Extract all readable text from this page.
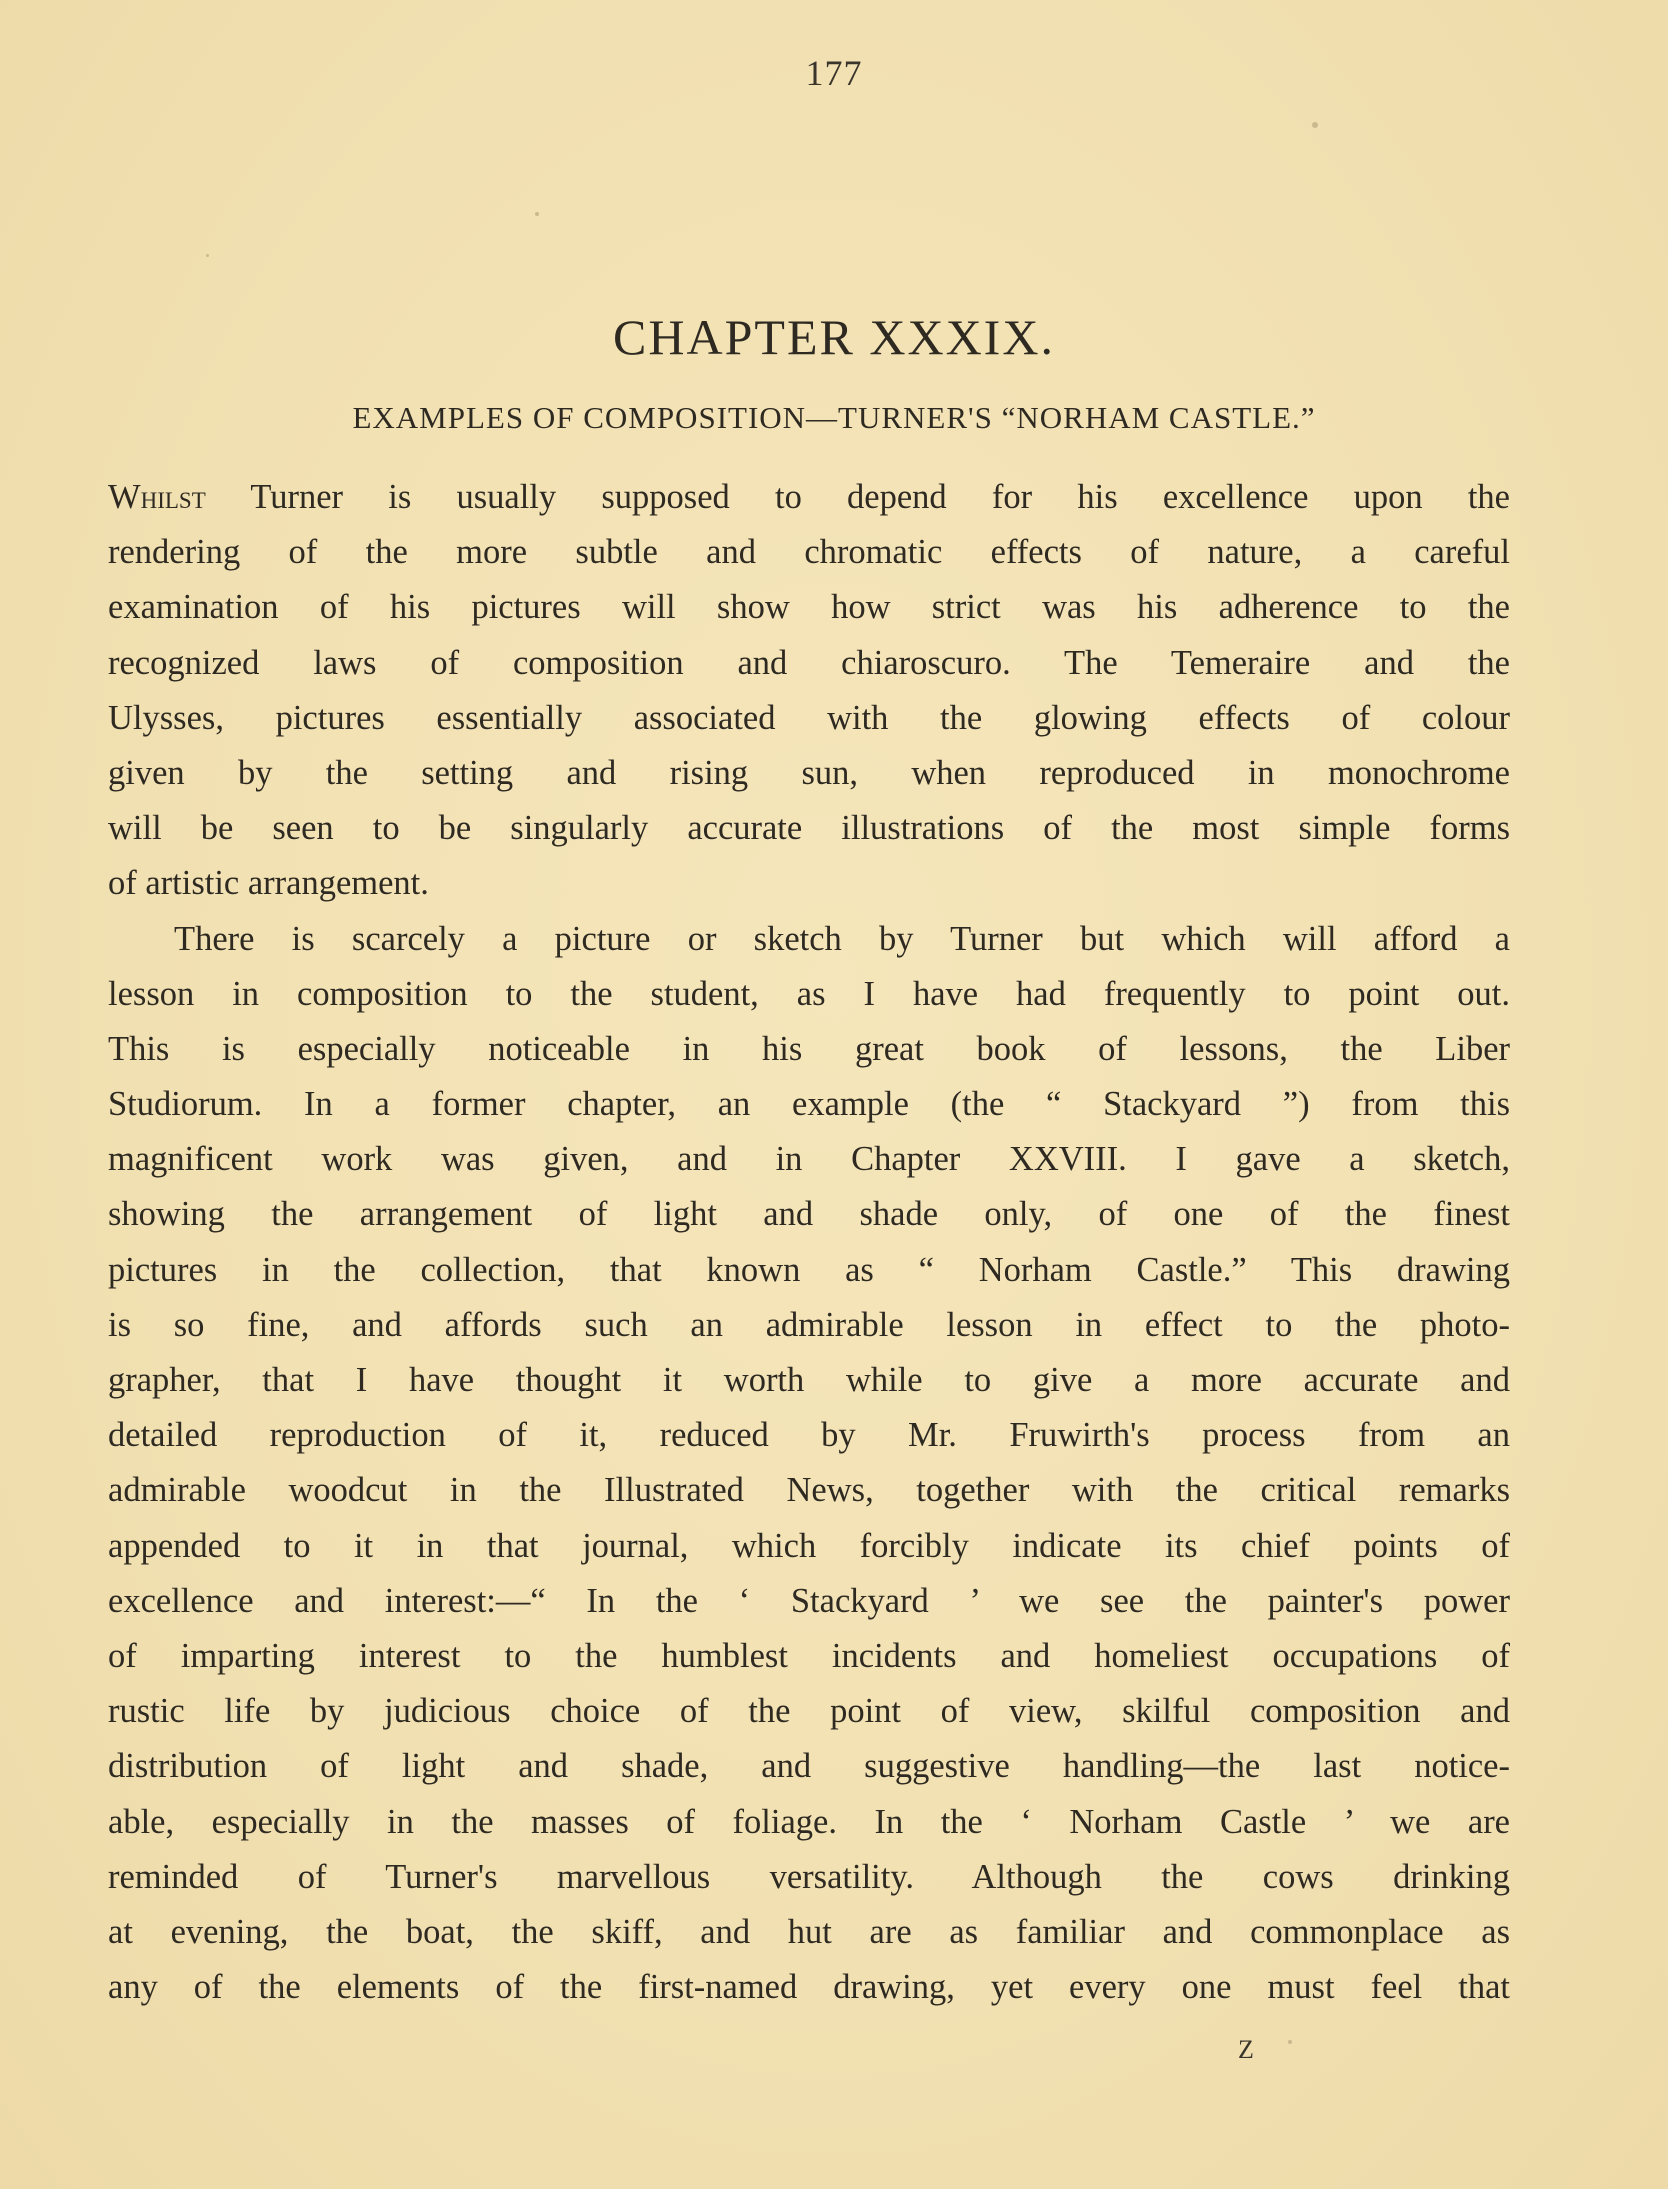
177
CHAPTER XXXIX.
EXAMPLES OF COMPOSITION—TURNER'S “NORHAM CASTLE.”
Whilst Turner is usually supposed to depend for his excellence upon the
rendering of the more subtle and chromatic effects of nature, a careful
examination of his pictures will show how strict was his adherence to the
recognized laws of composition and chiaroscuro. The Temeraire and the
Ulysses, pictures essentially associated with the glowing effects of colour
given by the setting and rising sun, when reproduced in monochrome
will be seen to be singularly accurate illustrations of the most simple forms
of artistic arrangement.
There is scarcely a picture or sketch by Turner but which will afford a
lesson in composition to the student, as I have had frequently to point out.
This is especially noticeable in his great book of lessons, the Liber
Studiorum. In a former chapter, an example (the “ Stackyard ”) from this
magnificent work was given, and in Chapter XXVIII. I gave a sketch,
showing the arrangement of light and shade only, of one of the finest
pictures in the collection, that known as “ Norham Castle.” This drawing
is so fine, and affords such an admirable lesson in effect to the photo-
grapher, that I have thought it worth while to give a more accurate and
detailed reproduction of it, reduced by Mr. Fruwirth's process from an
admirable woodcut in the Illustrated News, together with the critical remarks
appended to it in that journal, which forcibly indicate its chief points of
excellence and interest:—“ In the ‘ Stackyard ’ we see the painter's power
of imparting interest to the humblest incidents and homeliest occupations of
rustic life by judicious choice of the point of view, skilful composition and
distribution of light and shade, and suggestive handling—the last notice-
able, especially in the masses of foliage. In the ‘ Norham Castle ’ we are
reminded of Turner's marvellous versatility. Although the cows drinking
at evening, the boat, the skiff, and hut are as familiar and commonplace as
any of the elements of the first-named drawing, yet every one must feel that
Z
